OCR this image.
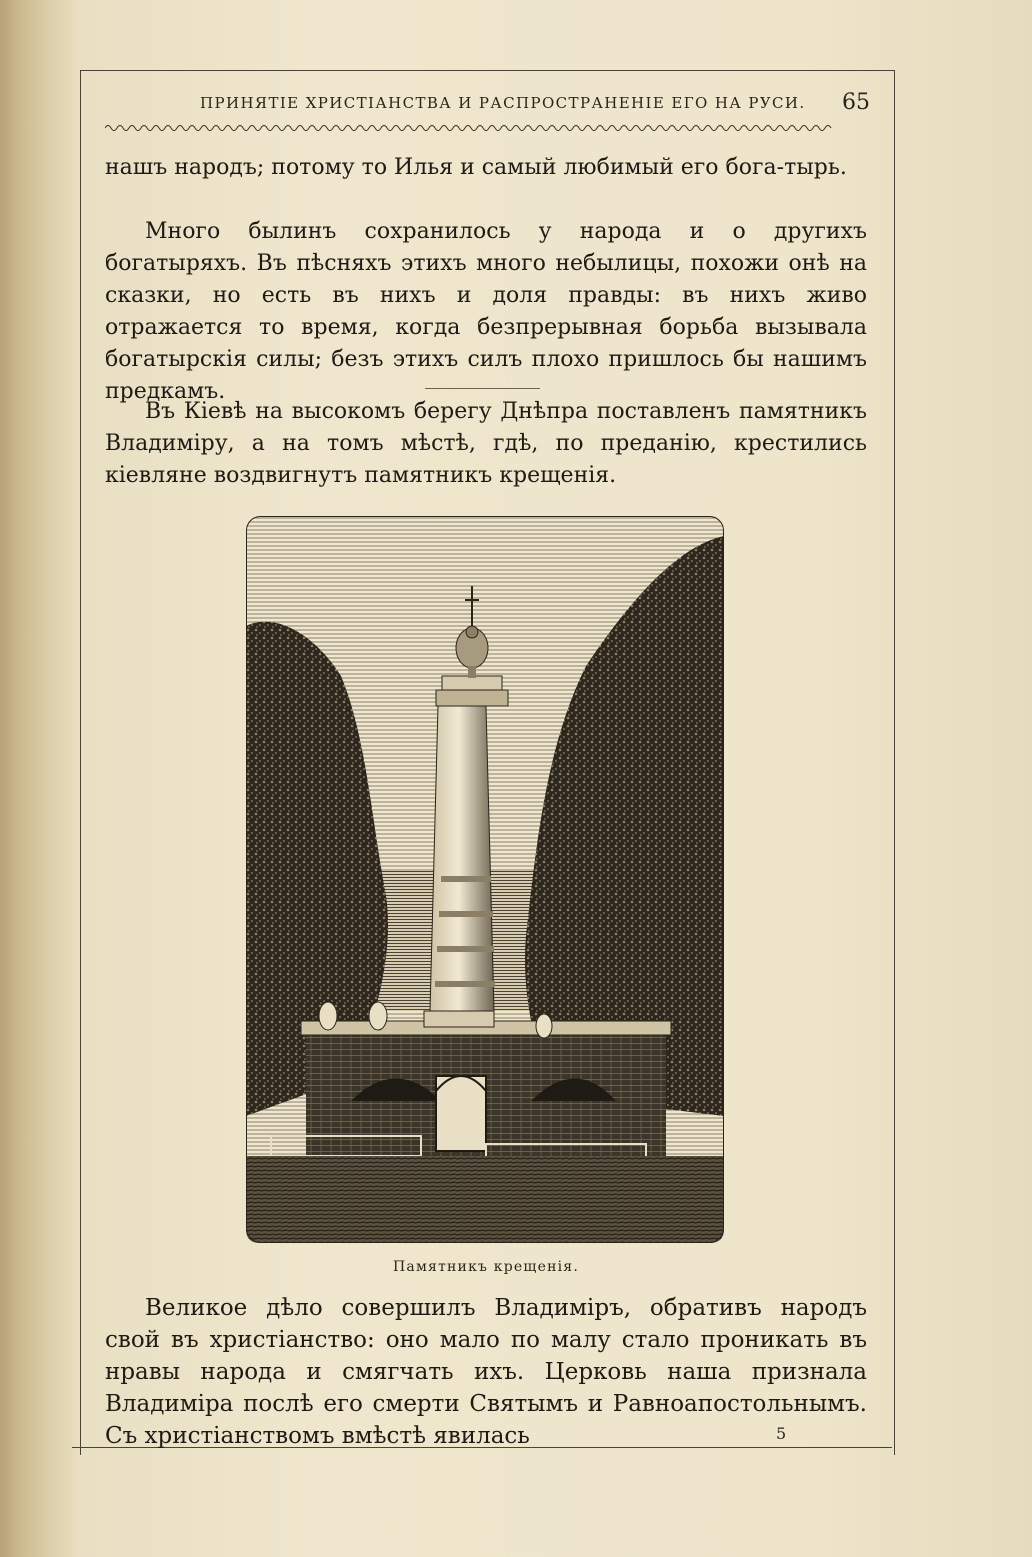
ПРИНЯТІЕ ХРИСТІАНСТВА И РАСПРОСТРАНЕНІЕ ЕГО НА РУСИ. 65
нашъ народъ; потому то Илья и самый любимый его бога-тырь.
Много былинъ сохранилось у народа и о другихъ богатыряхъ. Въ пѣсняхъ этихъ много небылицы, похожи онѣ на сказки, но есть въ нихъ и доля правды: въ нихъ живо отражается то время, когда безпрерывная борьба вызывала богатырскія силы; безъ этихъ силъ плохо пришлось бы нашимъ предкамъ.
Въ Кіевѣ на высокомъ берегу Днѣпра поставленъ памятникъ Владиміру, а на томъ мѣстѣ, гдѣ, по преданію, крестились кіевляне воздвигнутъ памятникъ крещенія.
Памятникъ крещенія.
Великое дѣло совершилъ Владиміръ, обративъ народъ свой въ христіанство: оно мало по малу стало проникать въ нравы народа и смягчать ихъ. Церковь наша признала Владиміра послѣ его смерти Святымъ и Равноапостольнымъ. Съ христіанствомъ вмѣстѣ явилась	5
